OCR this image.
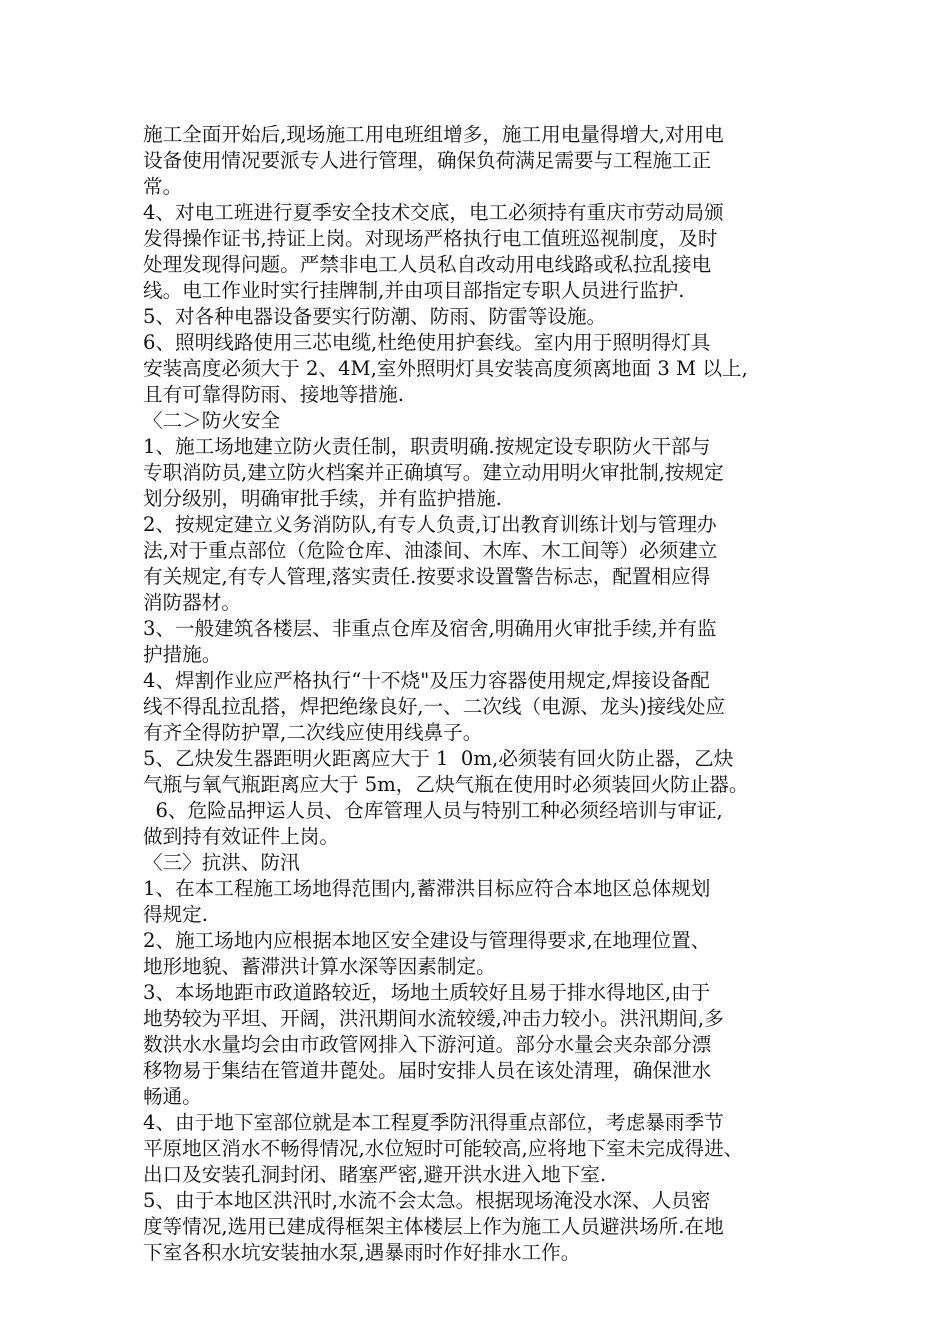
施工全面开始后,现场施工用电班组增多，施工用电量得增大,对用电
设备使用情况要派专人进行管理，确保负荷满足需要与工程施工正
常。
4、对电工班进行夏季安全技术交底，电工必须持有重庆市劳动局颁
发得操作证书,持证上岗。对现场严格执行电工值班巡视制度，及时
处理发现得问题。严禁非电工人员私自改动用电线路或私拉乱接电
线。电工作业时实行挂牌制,并由项目部指定专职人员进行监护.
5、对各种电器设备要实行防潮、防雨、防雷等设施。
6、照明线路使用三芯电缆,杜绝使用护套线。室内用于照明得灯具
安装高度必须大于 2、4M,室外照明灯具安装高度须离地面 3 M 以上,
且有可靠得防雨、接地等措施.
〈二＞防火安全
1、施工场地建立防火责任制，职责明确.按规定设专职防火干部与
专职消防员,建立防火档案并正确填写。建立动用明火审批制,按规定
划分级别，明确审批手续，并有监护措施.
2、按规定建立义务消防队,有专人负责,订出教育训练计划与管理办
法,对于重点部位（危险仓库、油漆间、木库、木工间等）必须建立
有关规定,有专人管理,落实责任.按要求设置警告标志，配置相应得
消防器材。
3、一般建筑各楼层、非重点仓库及宿舍,明确用火审批手续,并有监
护措施。
4、焊割作业应严格执行“十不烧"及压力容器使用规定,焊接设备配
线不得乱拉乱搭，焊把绝缘良好,一、二次线（电源、龙头)接线处应
有齐全得防护罩,二次线应使用线鼻子。
5、乙炔发生器距明火距离应大于 1  0m,必须装有回火防止器，乙炔
气瓶与氧气瓶距离应大于 5m，乙炔气瓶在使用时必须装回火防止器。
6、危险品押运人员、仓库管理人员与特别工种必须经培训与审证,
做到持有效证件上岗。
〈三〉抗洪、防汛
1、在本工程施工场地得范围内,蓄滞洪目标应符合本地区总体规划
得规定.
2、施工场地内应根据本地区安全建设与管理得要求,在地理位置、
地形地貌、蓄滞洪计算水深等因素制定。
3、本场地距市政道路较近，场地土质较好且易于排水得地区,由于
地势较为平坦、开阔，洪汛期间水流较缓,冲击力较小。洪汛期间,多
数洪水水量均会由市政管网排入下游河道。部分水量会夹杂部分漂
移物易于集结在管道井蓖处。届时安排人员在该处清理，确保泄水
畅通。
4、由于地下室部位就是本工程夏季防汛得重点部位，考虑暴雨季节
平原地区消水不畅得情况,水位短时可能较高,应将地下室未完成得进、
出口及安装孔洞封闭、睹塞严密,避开洪水进入地下室.
5、由于本地区洪汛时,水流不会太急。根据现场淹没水深、人员密
度等情况,选用已建成得框架主体楼层上作为施工人员避洪场所.在地
下室各积水坑安装抽水泵,遇暴雨时作好排水工作。
